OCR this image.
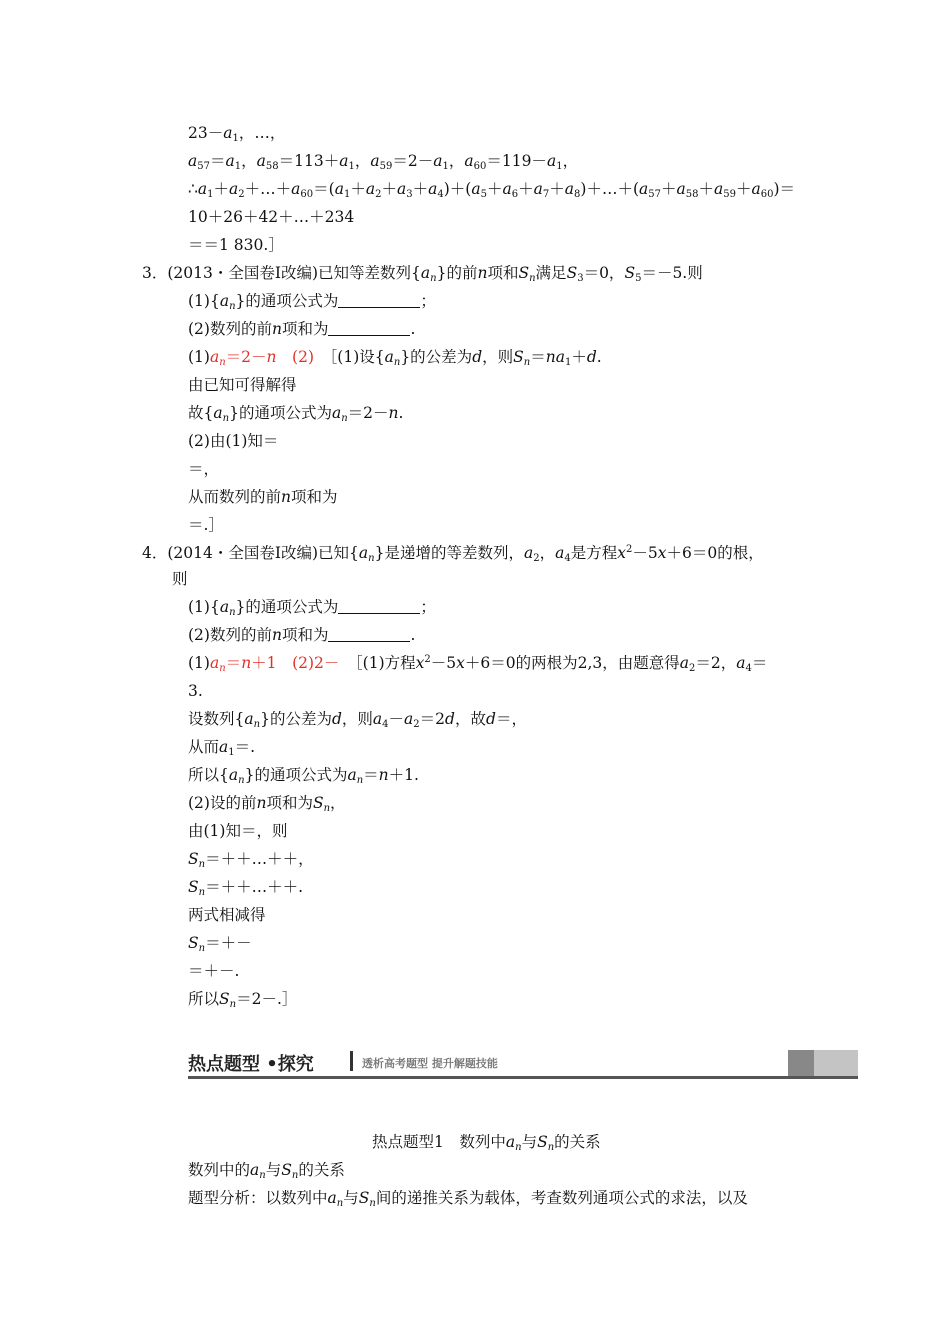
$23-a_1$，…，
$a_{57}=a_1$，$a_{58}=113+a_1$，$a_{59}=2-a_1$，$a_{60}=119-a_1$，
$\therefore a_1+a_2+\dots+a_{60}=(a_1+a_2+a_3+a_4)+(a_5+a_6+a_7+a_8)+\dots+(a_{57}+a_{58}+a_{59}+a_{60})=$
10＋26＋42＋…＋234
＝＝1 830.］
3．(2013・全国卷Ⅰ改编)已知等差数列$\{a_n\}$的前n项和$S_n$满足$S_3=0$，$S_5=-5$.则
$(1)\{a_n\}$的通项公式为	；
(2)数列的前n项和为	.
$(1)a_n=2-n$　 (2)　 ［(1)设$\{a_n\}$的公差为d，则$S_n=na_1+d$.
由已知可得解得
故$\{a_n\}$的通项公式为$a_n=2-n$.
(2)由(1)知＝
＝，
从而数列的前n项和为
＝.］
4．(2014・全国卷Ⅰ改编)已知$\{a_n\}$是递增的等差数列，$a_2$，$a_4$是方程$x^2-5x+6=0$的根，
则
$(1)\{a_n\}$的通项公式为	；
(2)数列的前n项和为	.
$(1)a_n=n+1$　 (2)2－　 ［(1)方程$x^2-5x+6=0$的两根为2,3，由题意得$a_2=2$，$a_4=$
3.
设数列$\{a_n\}$的公差为d，则$a_4-a_2=2d$，故d＝，
从而$a_1=$.
所以$\{a_n\}$的通项公式为$a_n=n+1$.
(2)设的前n项和为$S_n$，
由(1)知＝，则
$S_n=++\dots++$，
$S_n=++\dots++$.
两式相减得
$S_n=+-$
＝＋－.
所以$S_n=2-.]$
热点题型 •探究	透析高考题型 提升解题技能
热点题型1　数列中$a_n$与$S_n$的关系
数列中的$a_n$与$S_n$的关系
题型分析：以数列中$a_n$与$S_n$间的递推关系为载体，考查数列通项公式的求法，以及
